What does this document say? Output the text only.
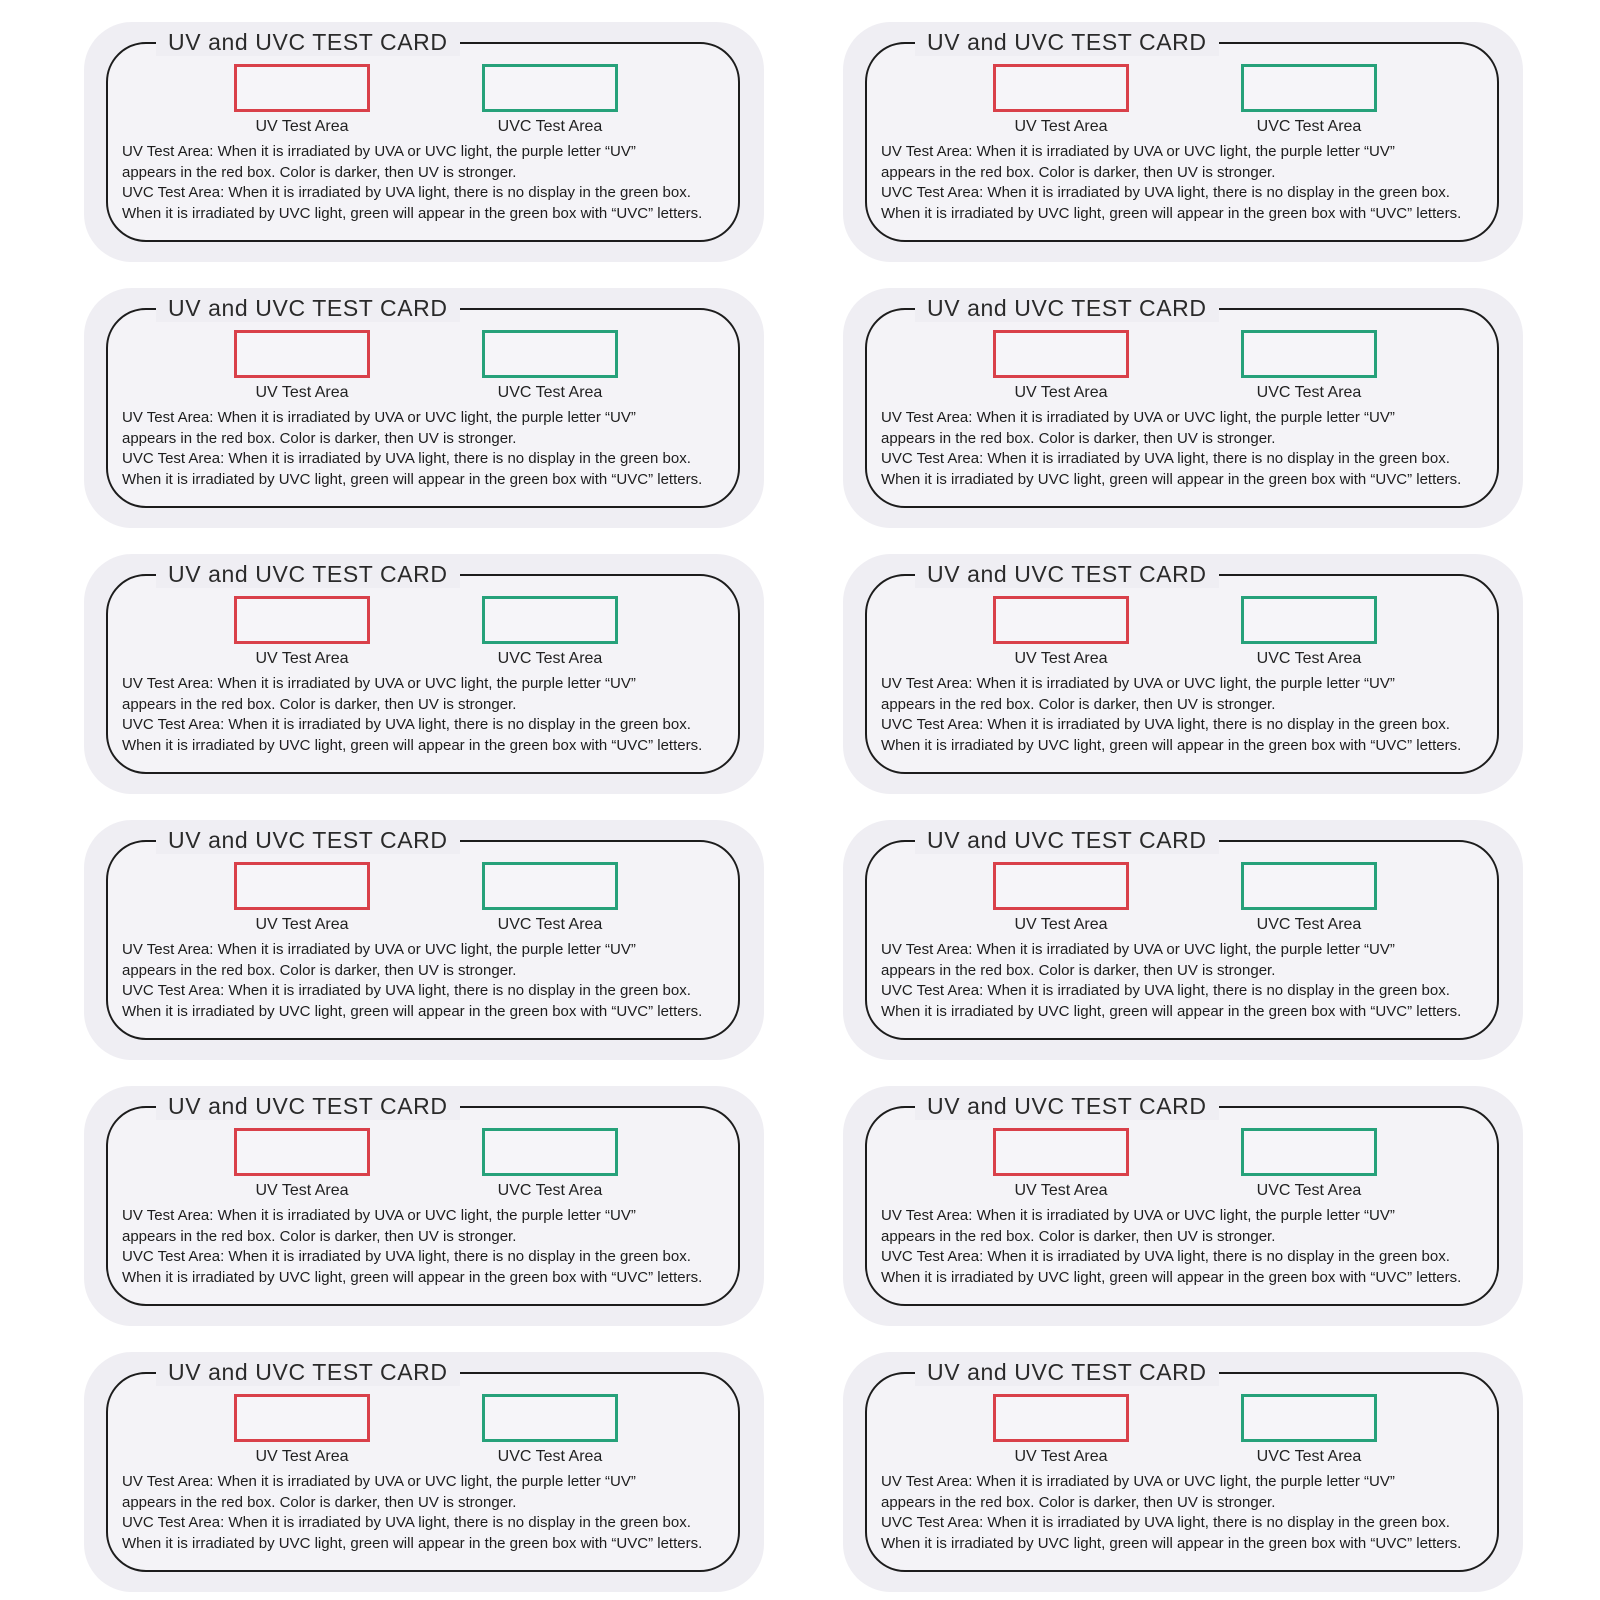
UV and UVC TEST CARD
UV Test Area	UVC Test Area
UV Test Area: When it is irradiated by UVA or UVC light, the purple letter “UV”
appears in the red box. Color is darker, then UV is stronger.
UVC Test Area: When it is irradiated by UVA light, there is no display in the green box.
When it is irradiated by UVC light, green will appear in the green box with “UVC” letters.
UV and UVC TEST CARD
UV Test Area	UVC Test Area
UV Test Area: When it is irradiated by UVA or UVC light, the purple letter “UV”
appears in the red box. Color is darker, then UV is stronger.
UVC Test Area: When it is irradiated by UVA light, there is no display in the green box.
When it is irradiated by UVC light, green will appear in the green box with “UVC” letters.
UV and UVC TEST CARD
UV Test Area	UVC Test Area
UV Test Area: When it is irradiated by UVA or UVC light, the purple letter “UV”
appears in the red box. Color is darker, then UV is stronger.
UVC Test Area: When it is irradiated by UVA light, there is no display in the green box.
When it is irradiated by UVC light, green will appear in the green box with “UVC” letters.
UV and UVC TEST CARD
UV Test Area	UVC Test Area
UV Test Area: When it is irradiated by UVA or UVC light, the purple letter “UV”
appears in the red box. Color is darker, then UV is stronger.
UVC Test Area: When it is irradiated by UVA light, there is no display in the green box.
When it is irradiated by UVC light, green will appear in the green box with “UVC” letters.
UV and UVC TEST CARD
UV Test Area	UVC Test Area
UV Test Area: When it is irradiated by UVA or UVC light, the purple letter “UV”
appears in the red box. Color is darker, then UV is stronger.
UVC Test Area: When it is irradiated by UVA light, there is no display in the green box.
When it is irradiated by UVC light, green will appear in the green box with “UVC” letters.
UV and UVC TEST CARD
UV Test Area	UVC Test Area
UV Test Area: When it is irradiated by UVA or UVC light, the purple letter “UV”
appears in the red box. Color is darker, then UV is stronger.
UVC Test Area: When it is irradiated by UVA light, there is no display in the green box.
When it is irradiated by UVC light, green will appear in the green box with “UVC” letters.
UV and UVC TEST CARD
UV Test Area	UVC Test Area
UV Test Area: When it is irradiated by UVA or UVC light, the purple letter “UV”
appears in the red box. Color is darker, then UV is stronger.
UVC Test Area: When it is irradiated by UVA light, there is no display in the green box.
When it is irradiated by UVC light, green will appear in the green box with “UVC” letters.
UV and UVC TEST CARD
UV Test Area	UVC Test Area
UV Test Area: When it is irradiated by UVA or UVC light, the purple letter “UV”
appears in the red box. Color is darker, then UV is stronger.
UVC Test Area: When it is irradiated by UVA light, there is no display in the green box.
When it is irradiated by UVC light, green will appear in the green box with “UVC” letters.
UV and UVC TEST CARD
UV Test Area	UVC Test Area
UV Test Area: When it is irradiated by UVA or UVC light, the purple letter “UV”
appears in the red box. Color is darker, then UV is stronger.
UVC Test Area: When it is irradiated by UVA light, there is no display in the green box.
When it is irradiated by UVC light, green will appear in the green box with “UVC” letters.
UV and UVC TEST CARD
UV Test Area	UVC Test Area
UV Test Area: When it is irradiated by UVA or UVC light, the purple letter “UV”
appears in the red box. Color is darker, then UV is stronger.
UVC Test Area: When it is irradiated by UVA light, there is no display in the green box.
When it is irradiated by UVC light, green will appear in the green box with “UVC” letters.
UV and UVC TEST CARD
UV Test Area	UVC Test Area
UV Test Area: When it is irradiated by UVA or UVC light, the purple letter “UV”
appears in the red box. Color is darker, then UV is stronger.
UVC Test Area: When it is irradiated by UVA light, there is no display in the green box.
When it is irradiated by UVC light, green will appear in the green box with “UVC” letters.
UV and UVC TEST CARD
UV Test Area	UVC Test Area
UV Test Area: When it is irradiated by UVA or UVC light, the purple letter “UV”
appears in the red box. Color is darker, then UV is stronger.
UVC Test Area: When it is irradiated by UVA light, there is no display in the green box.
When it is irradiated by UVC light, green will appear in the green box with “UVC” letters.
